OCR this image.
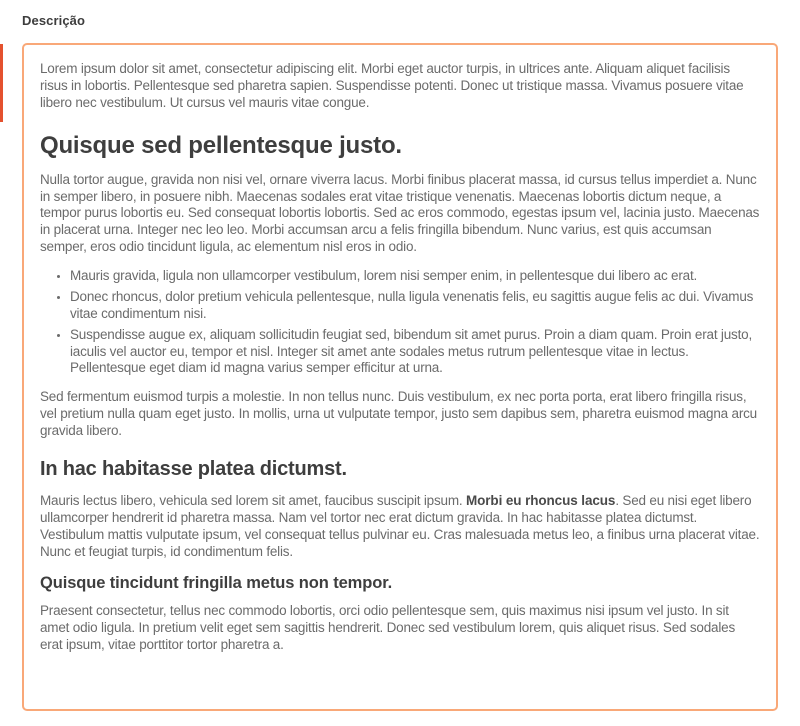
Descrição

Lorem ipsum dolor sit amet, consectetur adipiscing elit. Morbi eget auctor turpis, in ultrices ante. Aliquam aliquet facilisis risus in lobortis. Pellentesque sed pharetra sapien. Suspendisse potenti. Donec ut tristique massa. Vivamus posuere vitae libero nec vestibulum. Ut cursus vel mauris vitae congue.

Quisque sed pellentesque justo.

Nulla tortor augue, gravida non nisi vel, ornare viverra lacus. Morbi finibus placerat massa, id cursus tellus imperdiet a. Nunc in semper libero, in posuere nibh. Maecenas sodales erat vitae tristique venenatis. Maecenas lobortis dictum neque, a tempor purus lobortis eu. Sed consequat lobortis lobortis. Sed ac eros commodo, egestas ipsum vel, lacinia justo. Maecenas in placerat urna. Integer nec leo leo. Morbi accumsan arcu a felis fringilla bibendum. Nunc varius, est quis accumsan semper, eros odio tincidunt ligula, ac elementum nisl eros in odio.

• Mauris gravida, ligula non ullamcorper vestibulum, lorem nisi semper enim, in pellentesque dui libero ac erat.
• Donec rhoncus, dolor pretium vehicula pellentesque, nulla ligula venenatis felis, eu sagittis augue felis ac dui. Vivamus vitae condimentum nisi.
• Suspendisse augue ex, aliquam sollicitudin feugiat sed, bibendum sit amet purus. Proin a diam quam. Proin erat justo, iaculis vel auctor eu, tempor et nisl. Integer sit amet ante sodales metus rutrum pellentesque vitae in lectus. Pellentesque eget diam id magna varius semper efficitur at urna.

Sed fermentum euismod turpis a molestie. In non tellus nunc. Duis vestibulum, ex nec porta porta, erat libero fringilla risus, vel pretium nulla quam eget justo. In mollis, urna ut vulputate tempor, justo sem dapibus sem, pharetra euismod magna arcu gravida libero.

In hac habitasse platea dictumst.

Mauris lectus libero, vehicula sed lorem sit amet, faucibus suscipit ipsum. Morbi eu rhoncus lacus. Sed eu nisi eget libero ullamcorper hendrerit id pharetra massa. Nam vel tortor nec erat dictum gravida. In hac habitasse platea dictumst. Vestibulum mattis vulputate ipsum, vel consequat tellus pulvinar eu. Cras malesuada metus leo, a finibus urna placerat vitae. Nunc et feugiat turpis, id condimentum felis.

Quisque tincidunt fringilla metus non tempor.

Praesent consectetur, tellus nec commodo lobortis, orci odio pellentesque sem, quis maximus nisi ipsum vel justo. In sit amet odio ligula. In pretium velit eget sem sagittis hendrerit. Donec sed vestibulum lorem, quis aliquet risus. Sed sodales erat ipsum, vitae porttitor tortor pharetra a.
